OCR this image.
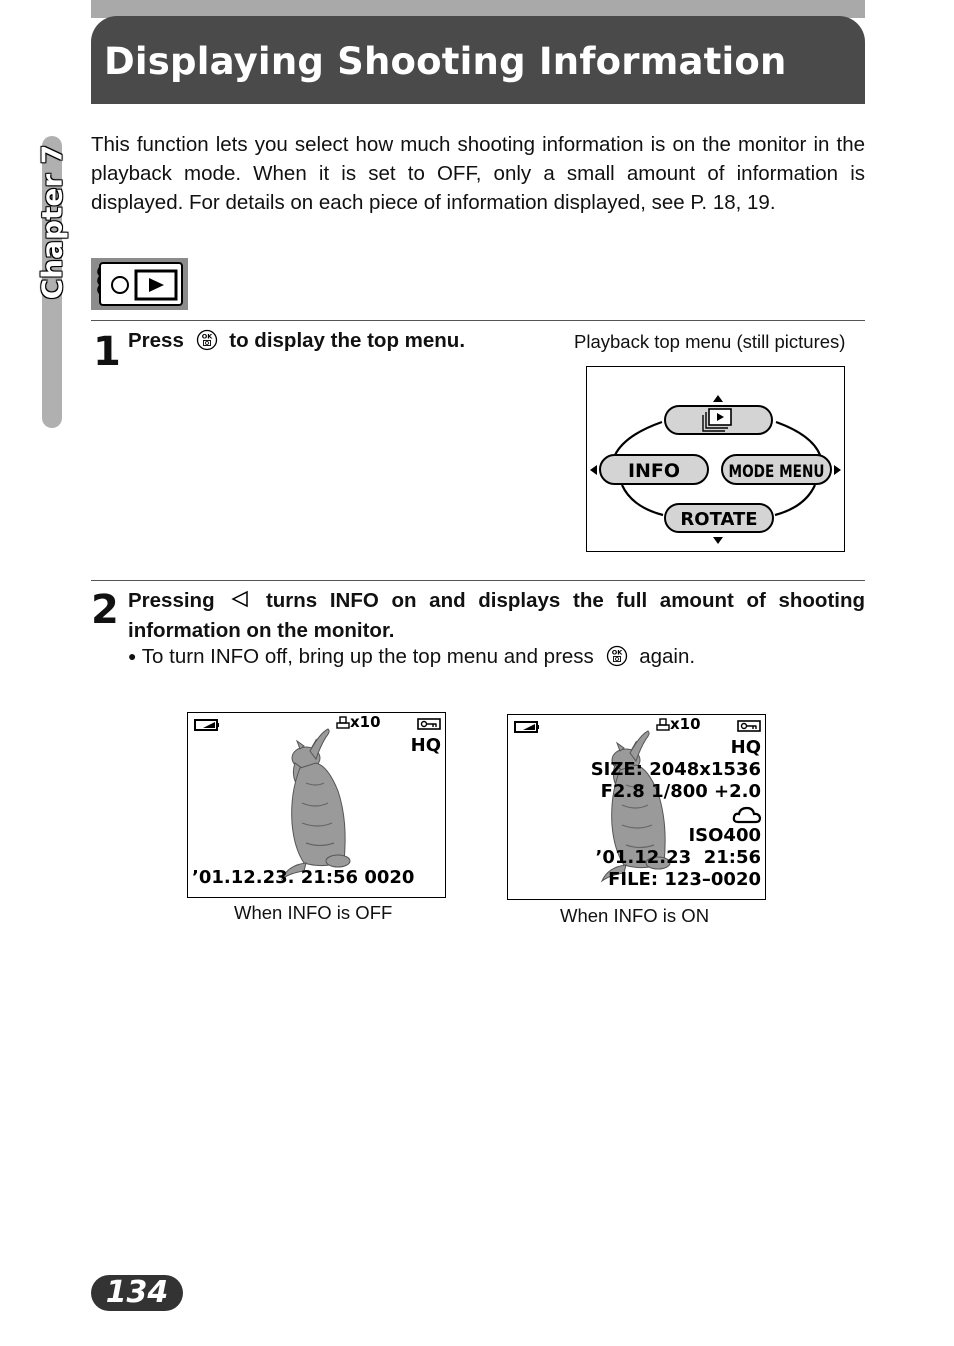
Displaying Shooting Information
Chapter 7
This function lets you select how much shooting information is on the monitor in the playback mode. When it is set to OFF, only a small amount of information is displayed. For details on each piece of information displayed, see P. 18, 19.
1 Press	OK to display the top menu.	Playback top menu (still pictures)
INFO	MODE MENU
ROTATE
2 Pressing	turns INFO on and displays the full amount of shooting information on the monitor.
● To turn INFO off, bring up the top menu and press	OK again.
x10
HQ
’01.12.23. 21:56 0020
When INFO is OFF
x10
HQ
SIZE: 2048x1536
F2.8 1/800 +2.0
ISO400
’01.12.23  21:56
FILE: 123–0020
When INFO is ON
134
